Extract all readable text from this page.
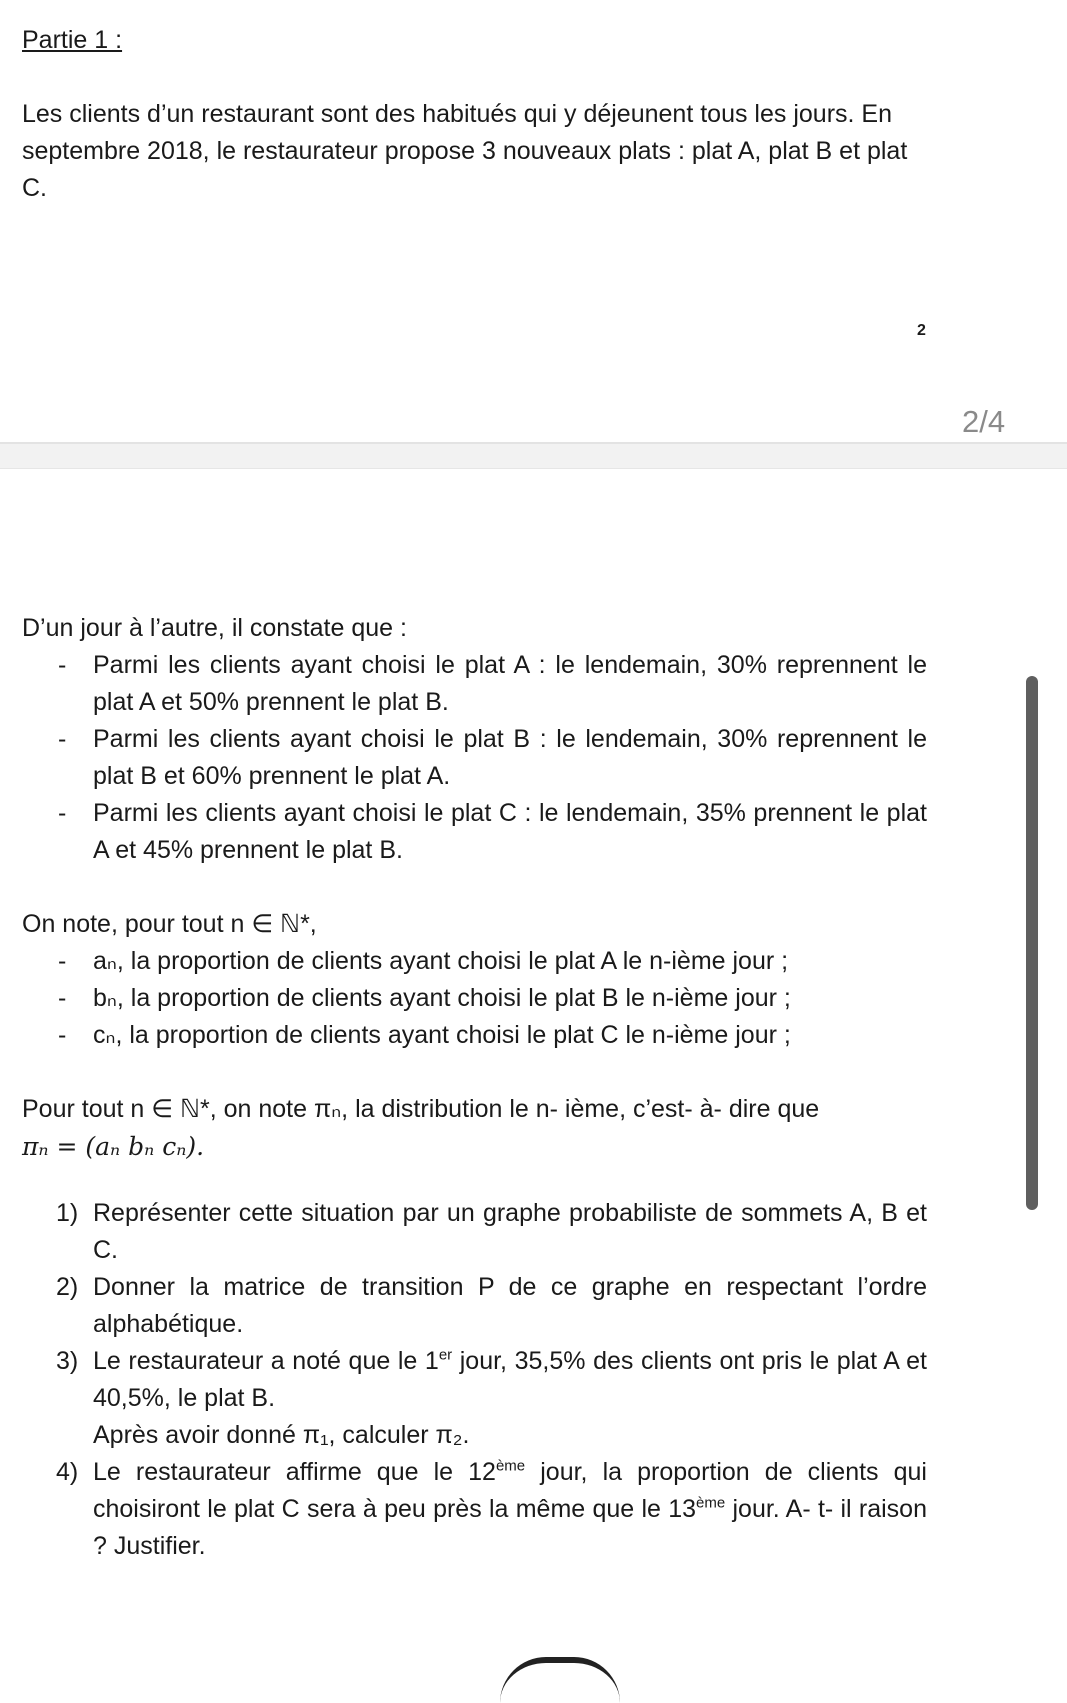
Partie 1 :

Les clients d’un restaurant sont des habitués qui y déjeunent tous les jours. En septembre 2018, le restaurateur propose 3 nouveaux plats : plat A, plat B et plat C.

2
2/4

D’un jour à l’autre, il constate que :

- Parmi les clients ayant choisi le plat A : le lendemain, 30% reprennent le plat A et 50% prennent le plat B.
- Parmi les clients ayant choisi le plat B : le lendemain, 30% reprennent le plat B et 60% prennent le plat A.
- Parmi les clients ayant choisi le plat C : le lendemain, 35% prennent le plat A et 45% prennent le plat B.

On note, pour tout n ∈ ℕ*,

- aₙ, la proportion de clients ayant choisi le plat A le n-ième jour ;
- bₙ, la proportion de clients ayant choisi le plat B le n-ième jour ;
- cₙ, la proportion de clients ayant choisi le plat C le n-ième jour ;

Pour tout n ∈ ℕ*, on note πₙ, la distribution le n- ième, c’est- à- dire que

πₙ = (aₙ bₙ cₙ).

1) Représenter cette situation par un graphe probabiliste de sommets A, B et C.
2) Donner la matrice de transition P de ce graphe en respectant l’ordre alphabétique.
3) Le restaurateur a noté que le 1er jour, 35,5% des clients ont pris le plat A et 40,5%, le plat B.
Après avoir donné π₁, calculer π₂.
4) Le restaurateur affirme que le 12ème jour, la proportion de clients qui choisiront le plat C sera à peu près la même que le 13ème jour. A- t- il raison ? Justifier.
